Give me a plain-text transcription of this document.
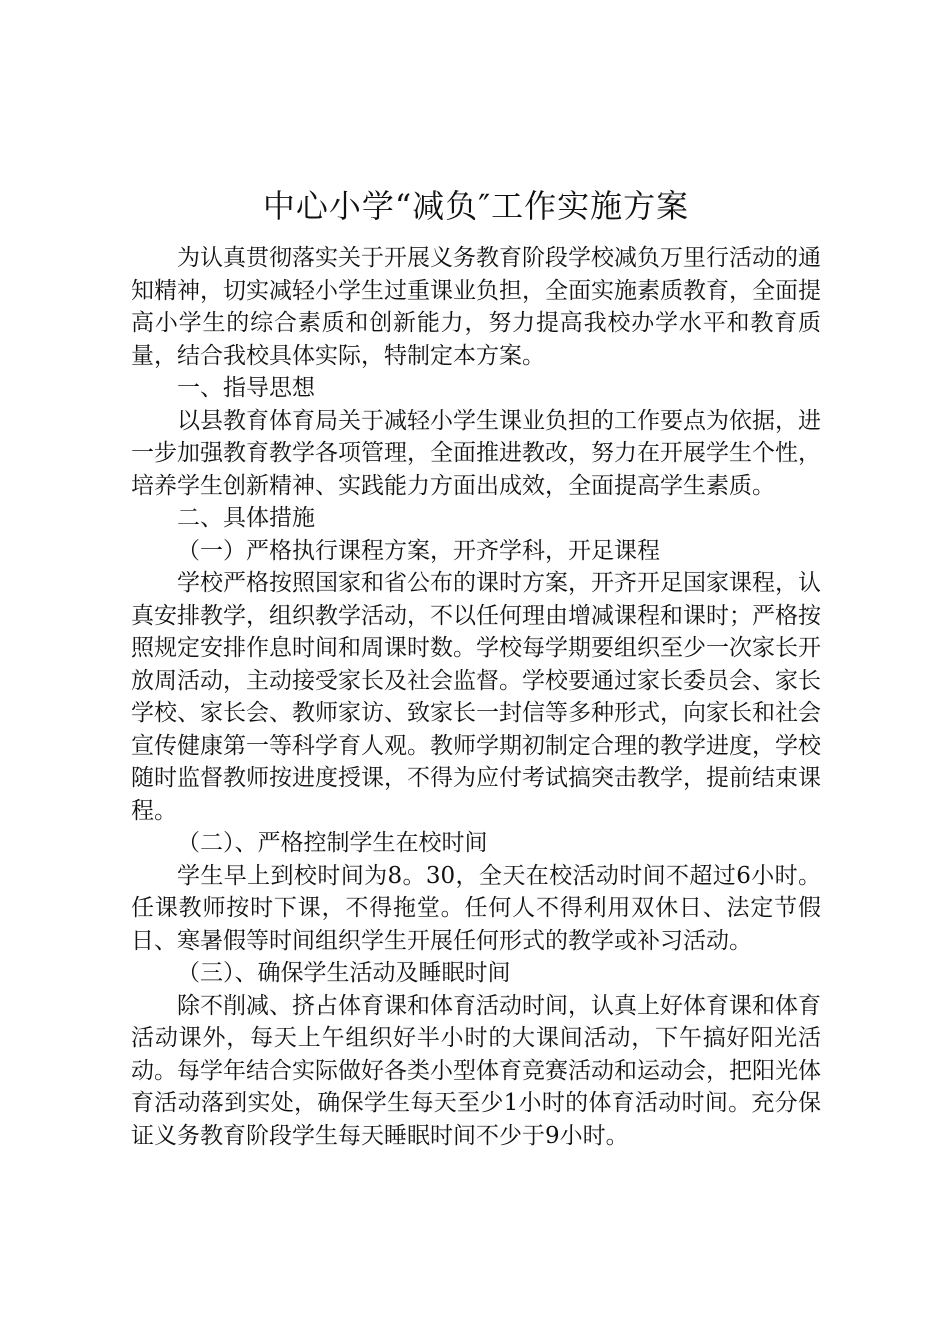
中心小学“减负″工作实施方案

为认真贯彻落实关于开展义务教育阶段学校减负万里行活动的通知精神，切实减轻小学生过重课业负担，全面实施素质教育，全面提高小学生的综合素质和创新能力，努力提高我校办学水平和教育质量，结合我校具体实际，特制定本方案。

一、指导思想

以县教育体育局关于减轻小学生课业负担的工作要点为依据，进一步加强教育教学各项管理，全面推进教改，努力在开展学生个性，培养学生创新精神、实践能力方面出成效，全面提高学生素质。

二、具体措施

（一）严格执行课程方案，开齐学科，开足课程

学校严格按照国家和省公布的课时方案，开齐开足国家课程，认真安排教学，组织教学活动，不以任何理由增减课程和课时；严格按照规定安排作息时间和周课时数。学校每学期要组织至少一次家长开放周活动，主动接受家长及社会监督。学校要通过家长委员会、家长学校、家长会、教师家访、致家长一封信等多种形式，向家长和社会宣传健康第一等科学育人观。教师学期初制定合理的教学进度，学校随时监督教师按进度授课，不得为应付考试搞突击教学，提前结束课程。

（二）、严格控制学生在校时间

学生早上到校时间为8。30，全天在校活动时间不超过6小时。任课教师按时下课，不得拖堂。任何人不得利用双休日、法定节假日、寒暑假等时间组织学生开展任何形式的教学或补习活动。

（三）、确保学生活动及睡眠时间

除不削减、挤占体育课和体育活动时间，认真上好体育课和体育活动课外，每天上午组织好半小时的大课间活动，下午搞好阳光活动。每学年结合实际做好各类小型体育竞赛活动和运动会，把阳光体育活动落到实处，确保学生每天至少1小时的体育活动时间。充分保证义务教育阶段学生每天睡眠时间不少于9小时。
